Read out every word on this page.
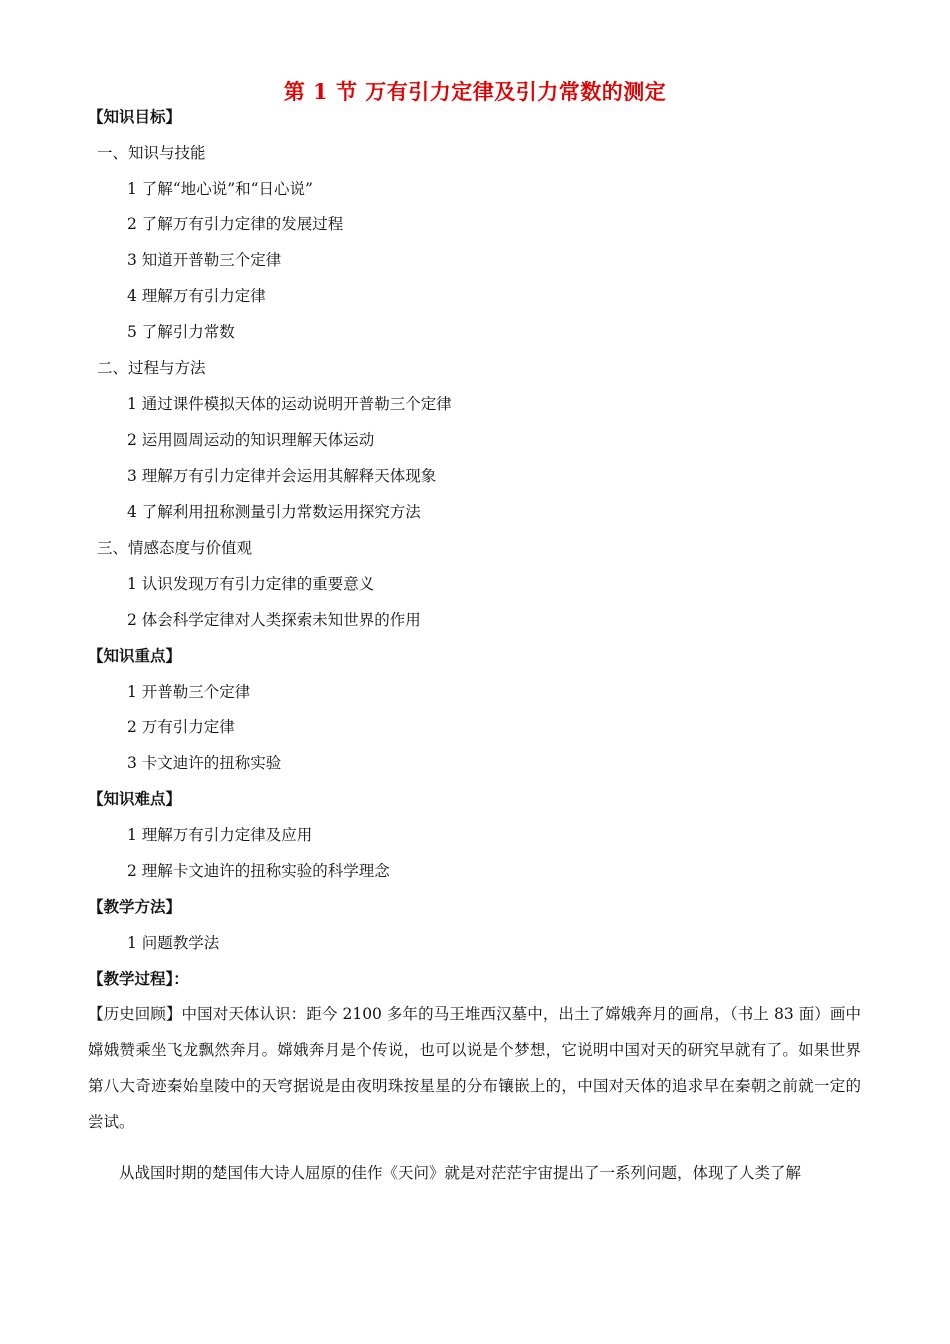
第 1 节 万有引力定律及引力常数的测定
【知识目标】
一、知识与技能
1 了解“地心说”和“日心说”
2 了解万有引力定律的发展过程
3 知道开普勒三个定律
4 理解万有引力定律
5 了解引力常数
二、过程与方法
1 通过课件模拟天体的运动说明开普勒三个定律
2 运用圆周运动的知识理解天体运动
3 理解万有引力定律并会运用其解释天体现象
4 了解利用扭称测量引力常数运用探究方法
三、情感态度与价值观
1 认识发现万有引力定律的重要意义
2 体会科学定律对人类探索未知世界的作用
【知识重点】
1 开普勒三个定律
2 万有引力定律
3 卡文迪许的扭称实验
【知识难点】
1 理解万有引力定律及应用
2 理解卡文迪许的扭称实验的科学理念
【教学方法】
1 问题教学法
【教学过程】：
【历史回顾】中国对天体认识：距今 2100 多年的马王堆西汉墓中，出土了嫦娥奔月的画帛，（书上 83 面）画中嫦娥赞乘坐飞龙飘然奔月。嫦娥奔月是个传说，也可以说是个梦想，它说明中国对天的研究早就有了。如果世界第八大奇迹秦始皇陵中的天穹据说是由夜明珠按星星的分布镶嵌上的，中国对天体的追求早在秦朝之前就一定的尝试。
从战国时期的楚国伟大诗人屈原的佳作《天问》就是对茫茫宇宙提出了一系列问题，体现了人类了解
